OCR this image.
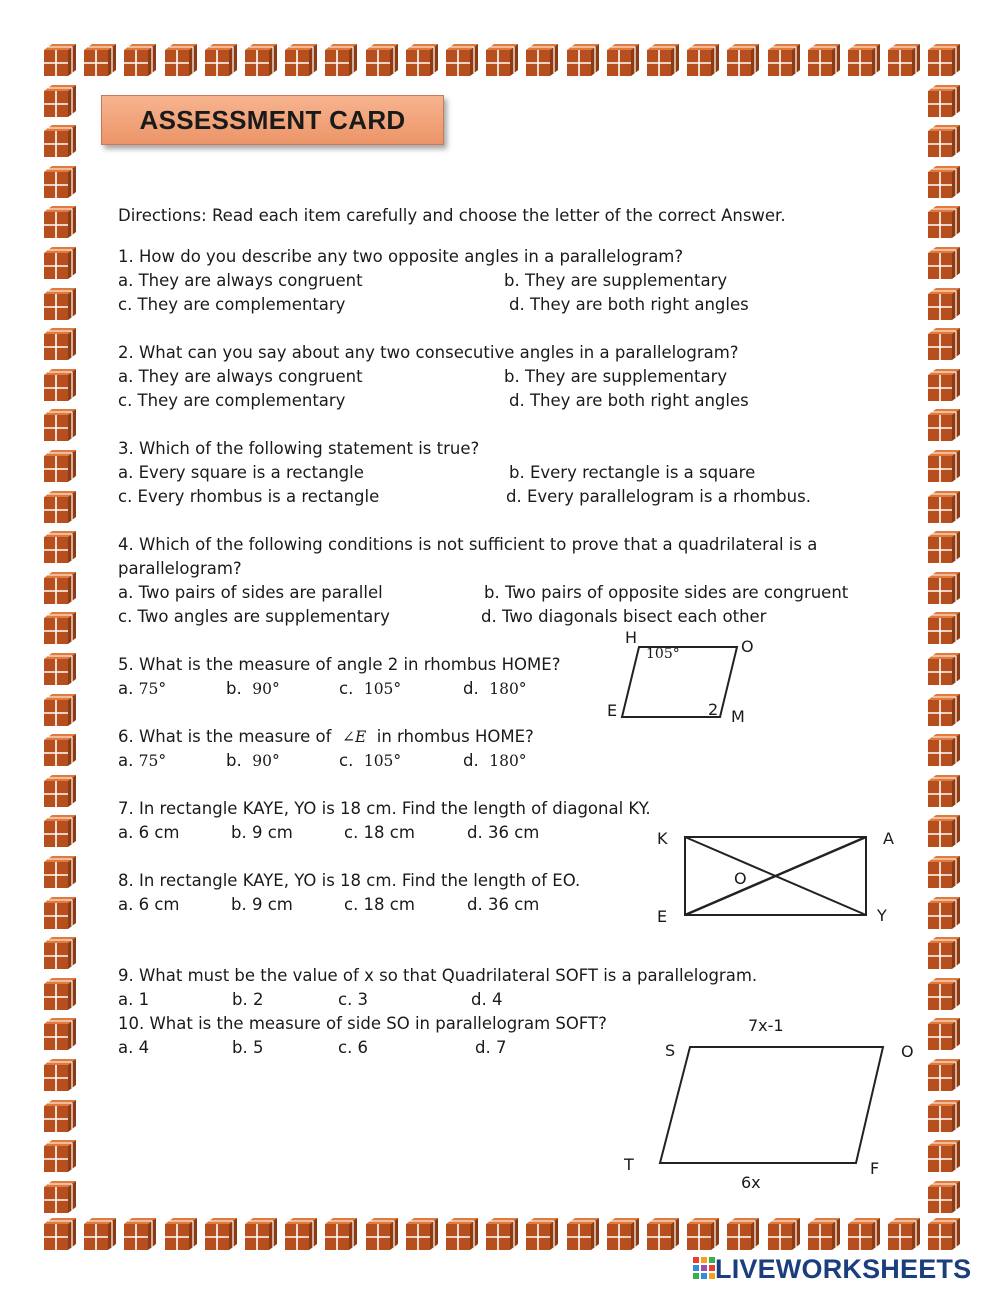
ASSESSMENT CARD
Directions: Read each item carefully and choose the letter of the correct Answer.
1. How do you describe any two opposite angles in a parallelogram?
a. They are always congruent	b. They are supplementary
c. They are complementary	d. They are both right angles
2. What can you say about any two consecutive angles in a parallelogram?
a. They are always congruent	b. They are supplementary
c. They are complementary	d. They are both right angles
3. Which of the following statement is true?
a. Every square is a rectangle	b. Every rectangle is a square
c. Every rhombus is a rectangle	d. Every parallelogram is a rhombus.
4. Which of the following conditions is not sufficient to prove that a quadrilateral is a
parallelogram?
a. Two pairs of sides are parallel	b. Two pairs of opposite sides are congruent
c. Two angles are supplementary	d. Two diagonals bisect each other
5. What is the measure of angle 2 in rhombus HOME?
a. 75°	b. 90°	c. 105°	d. 180°
6. What is the measure of ∠E in rhombus HOME?
a. 75°	b. 90°	c. 105°	d. 180°
7. In rectangle KAYE, YO is 18 cm. Find the length of diagonal KY.
a. 6 cm	b. 9 cm	c. 18 cm	d. 36 cm
8. In rectangle KAYE, YO is 18 cm. Find the length of EO.
a. 6 cm	b. 9 cm	c. 18 cm	d. 36 cm
9. What must be the value of x so that Quadrilateral SOFT is a parallelogram.
a. 1	b. 2	c. 3	d. 4
10. What is the measure of side SO in parallelogram SOFT?
a. 4	b. 5	c. 6	d. 7
H	O
E	M
105°
2
K	A
E	Y
O
7x-1
S	O
T	F
6x
LIVEWORKSHEETS
